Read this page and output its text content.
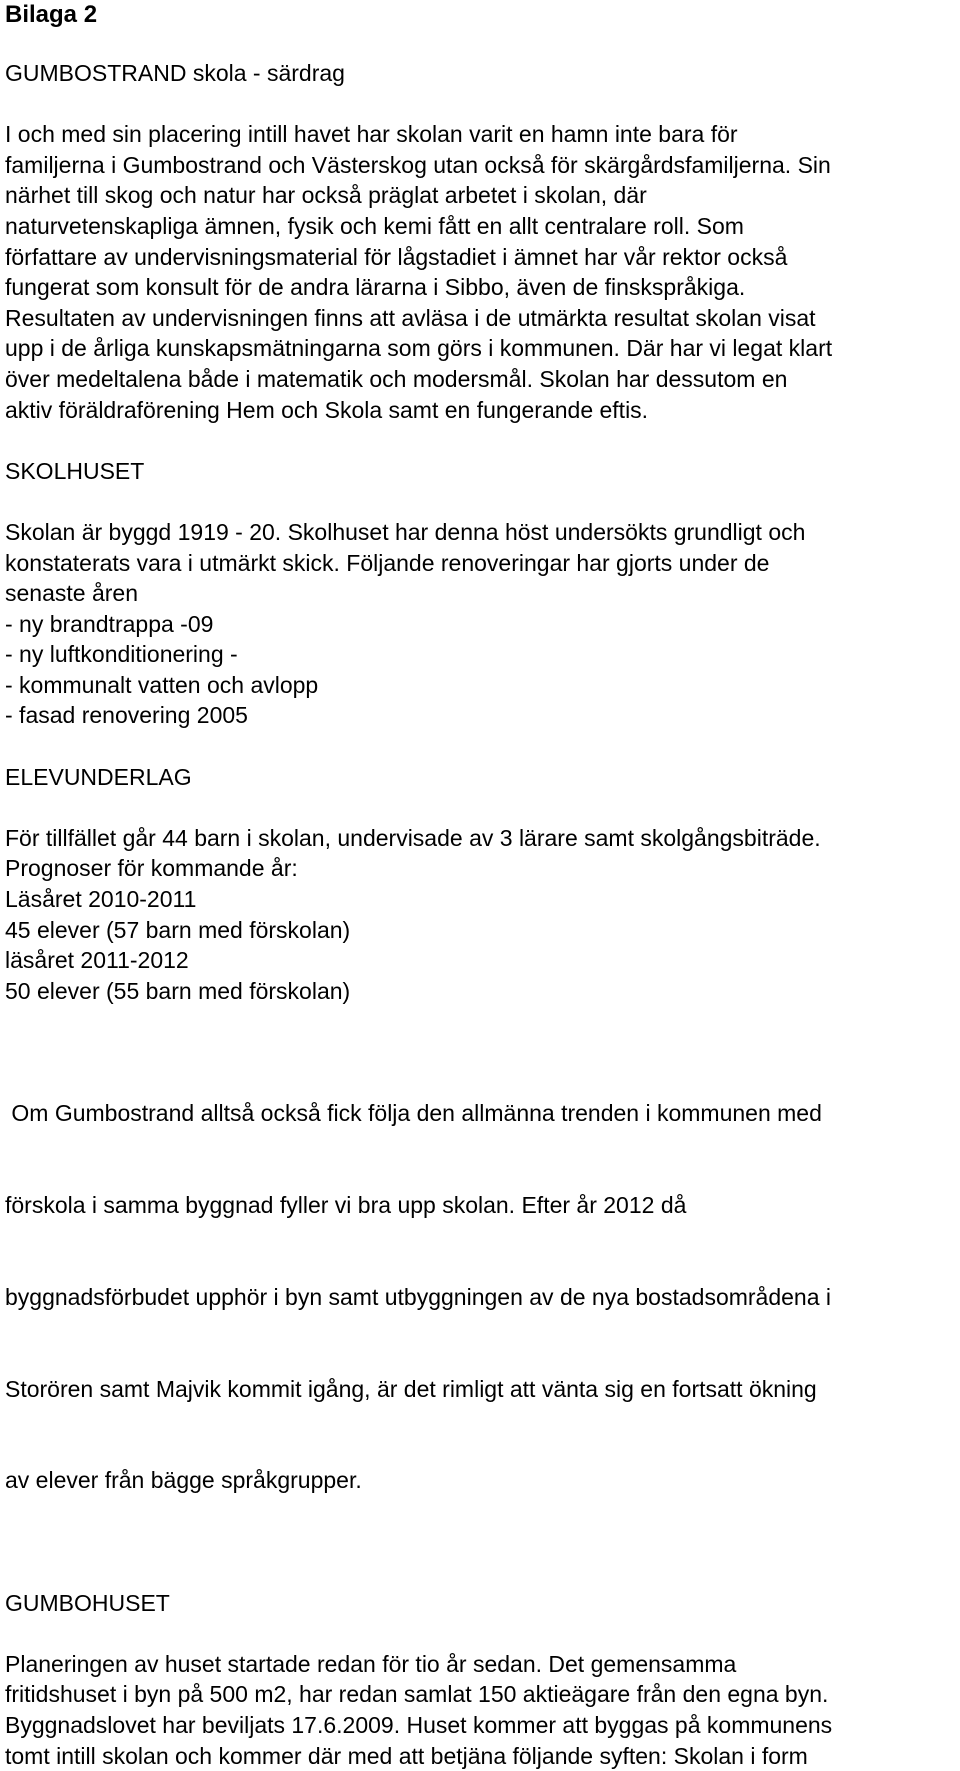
Bilaga 2
GUMBOSTRAND skola - särdrag
I och med sin placering intill havet har skolan varit en hamn inte bara för
familjerna i Gumbostrand och Västerskog utan också för skärgårdsfamiljerna. Sin
närhet till skog och natur har också präglat arbetet i skolan, där
naturvetenskapliga ämnen, fysik och kemi fått en allt centralare roll. Som
författare av undervisningsmaterial för lågstadiet i ämnet har vår rektor också
fungerat som konsult för de andra lärarna i Sibbo, även de finskspråkiga.
Resultaten av undervisningen finns att avläsa i de utmärkta resultat skolan visat
upp i de årliga kunskapsmätningarna som görs i kommunen. Där har vi legat klart
över medeltalena både i matematik och modersmål. Skolan har dessutom en
aktiv föräldraförening Hem och Skola samt en fungerande eftis.
SKOLHUSET
Skolan är byggd 1919 - 20. Skolhuset har denna höst undersökts grundligt och
konstaterats vara i utmärkt skick. Följande renoveringar har gjorts under de
senaste åren
- ny brandtrappa -09
- ny luftkonditionering -
- kommunalt vatten och avlopp
- fasad renovering 2005
ELEVUNDERLAG
För tillfället går 44 barn i skolan, undervisade av 3 lärare samt skolgångsbiträde.
Prognoser för kommande år:
Läsåret 2010-2011
45 elever (57 barn med förskolan)
läsåret 2011-2012
50 elever (55 barn med förskolan)

Om Gumbostrand alltså också fick följa den allmänna trenden i kommunen med

förskola i samma byggnad fyller vi bra upp skolan. Efter år 2012 då

byggnadsförbudet upphör i byn samt utbyggningen av de nya bostadsområdena i

Storören samt Majvik kommit igång, är det rimligt att vänta sig en fortsatt ökning

av elever från bägge språkgrupper.

GUMBOHUSET
Planeringen av huset startade redan för tio år sedan. Det gemensamma
fritidshuset i byn på 500 m2, har redan samlat 150 aktieägare från den egna byn.
Byggnadslovet har beviljats 17.6.2009. Huset kommer att byggas på kommunens
tomt intill skolan och kommer där med att betjäna följande syften: Skolan i form
